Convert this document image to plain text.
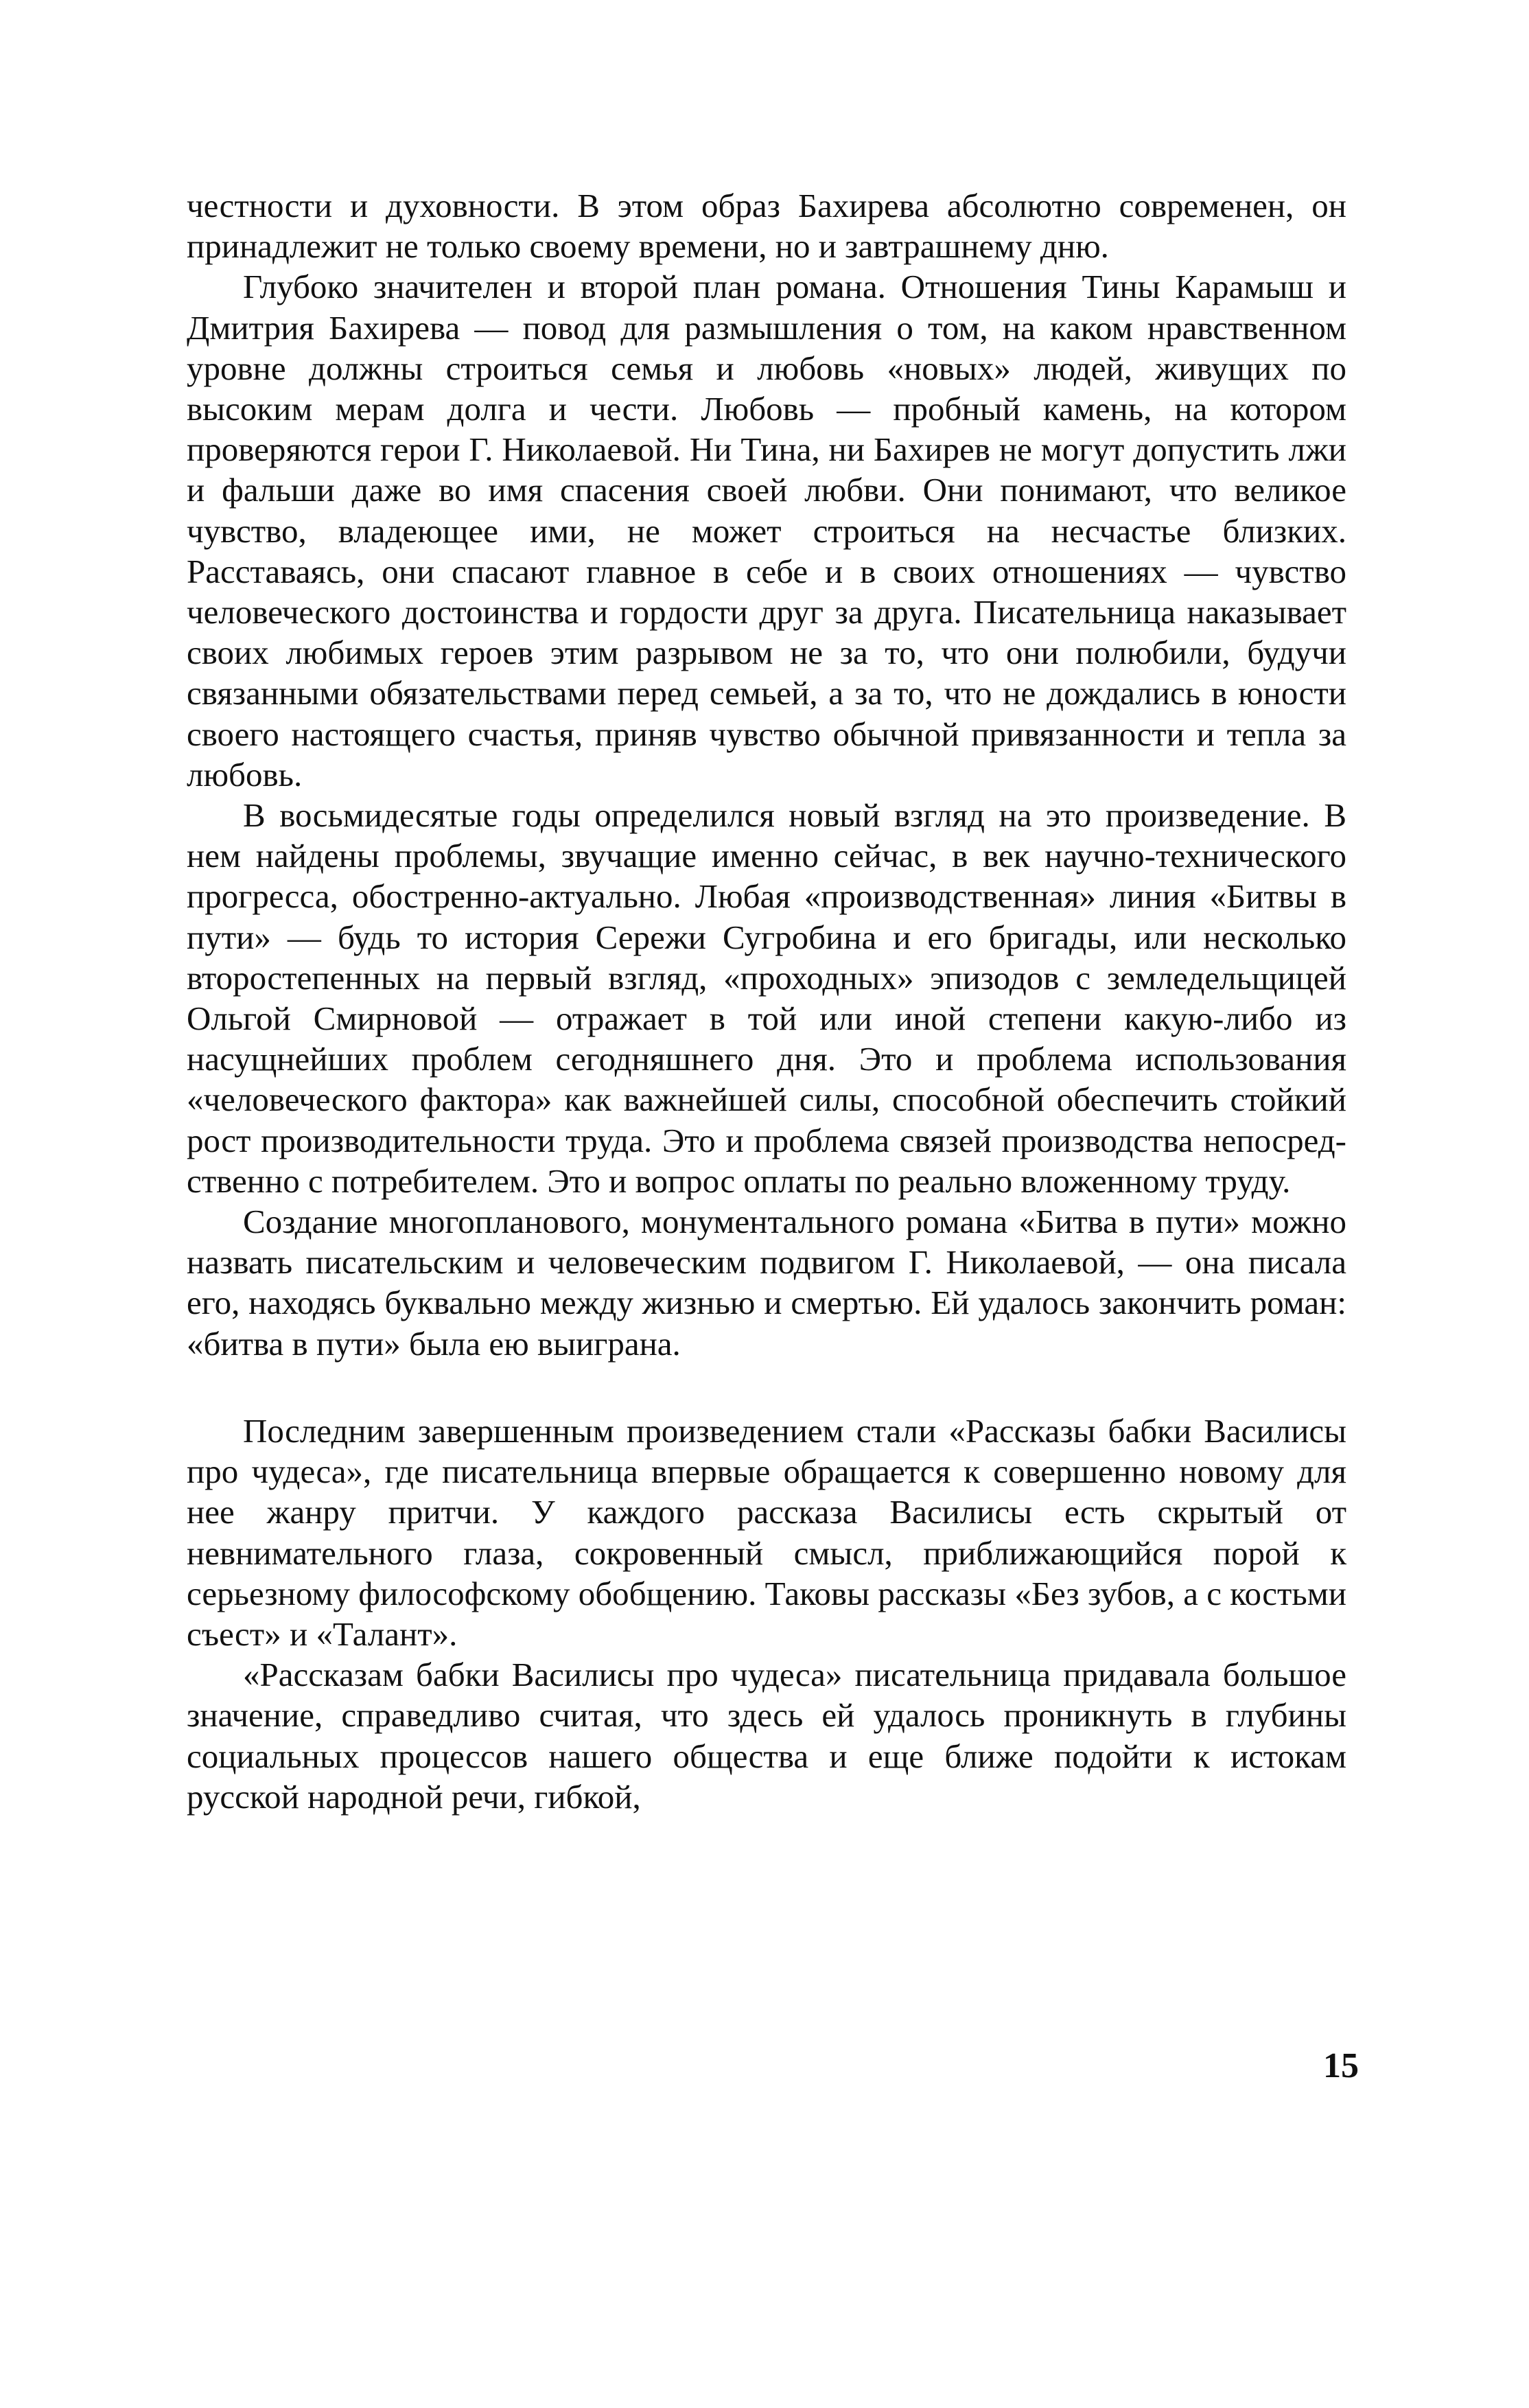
честности и духовности. В этом образ Бахирева абсолютно современен, он принадлежит не только своему времени, но и завтрашнему дню.

Глубоко значителен и второй план романа. Отношения Тины Карамыш и Дмитрия Бахирева — повод для размышления о том, на каком нравственном уровне должны строиться семья и любовь «новых» людей, живущих по высоким мерам долга и чести. Любовь — пробный камень, на котором проверяются герои Г. Николаевой. Ни Тина, ни Бахирев не могут допустить лжи и фальши даже во имя спасения своей любви. Они понимают, что великое чувство, владеющее ими, не может строиться на несчастье близких. Расставаясь, они спасают главное в себе и в своих отношениях — чувство человеческого достоинства и гордости друг за друга. Писательница наказывает своих любимых героев этим разрывом не за то, что они полюбили, будучи связанными обязательствами перед семьей, а за то, что не дождались в юности своего настоящего счастья, приняв чувство обычной привязанности и тепла за любовь.

В восьмидесятые годы определился новый взгляд на это произведение. В нем найдены проблемы, звучащие именно сейчас, в век научно-технического прогресса, обостренно-актуально. Любая «производственная» линия «Битвы в пути» — будь то история Сережи Сугробина и его бригады, или несколько второстепенных на первый взгляд, «проходных» эпизодов с земледельщицей Ольгой Смирновой — отражает в той или иной степени какую-либо из насущнейших проблем сегодняшнего дня. Это и проблема использования «человеческого фактора» как важнейшей силы, способной обеспечить стойкий рост производительности труда. Это и проблема связей производства непосредственно с потребителем. Это и вопрос оплаты по реально вложенному труду.

Создание многопланового, монументального романа «Битва в пути» можно назвать писательским и человеческим подвигом Г. Николаевой, — она писала его, находясь буквально между жизнью и смертью. Ей удалось закончить роман: «битва в пути» была ею выиграна.

Последним завершенным произведением стали «Рассказы бабки Василисы про чудеса», где писательница впервые обращается к совершенно новому для нее жанру притчи. У каждого рассказа Василисы есть скрытый от невнимательного глаза, сокровенный смысл, приближающийся порой к серьезному философскому обобщению. Таковы рассказы «Без зубов, а с костьми съест» и «Талант».

«Рассказам бабки Василисы про чудеса» писательница придавала большое значение, справедливо считая, что здесь ей удалось проникнуть в глубины социальных процессов нашего общества и еще ближе подойти к истокам русской народной речи, гибкой,

15
